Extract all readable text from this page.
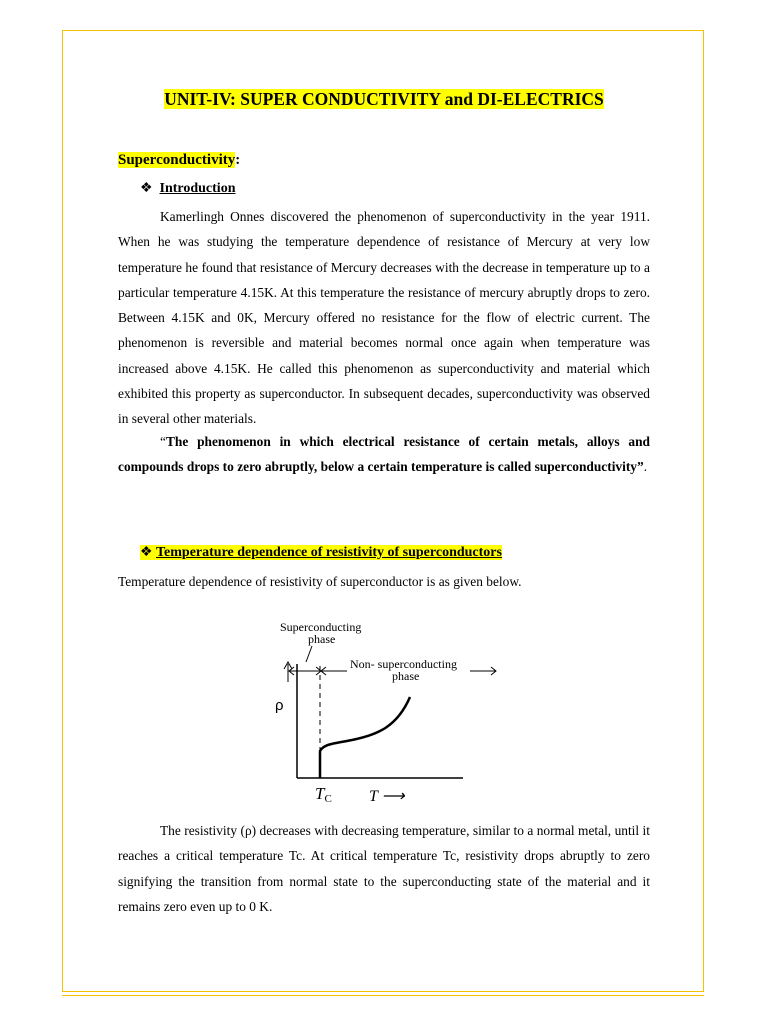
UNIT-IV: SUPER CONDUCTIVITY and DI-ELECTRICS
Superconductivity:
❖ Introduction
Kamerlingh Onnes discovered the phenomenon of superconductivity in the year 1911. When he was studying the temperature dependence of resistance of Mercury at very low temperature he found that resistance of Mercury decreases with the decrease in temperature up to a particular temperature 4.15K. At this temperature the resistance of mercury abruptly drops to zero. Between 4.15K and 0K, Mercury offered no resistance for the flow of electric current. The phenomenon is reversible and material becomes normal once again when temperature was increased above 4.15K. He called this phenomenon as superconductivity and material which exhibited this property as superconductor. In subsequent decades, superconductivity was observed in several other materials.
“The phenomenon in which electrical resistance of certain metals, alloys and compounds drops to zero abruptly, below a certain temperature is called superconductivity”.
❖ Temperature dependence of resistivity of superconductors
Temperature dependence of resistivity of superconductor is as given below.
Superconducting
phase
Non- superconducting
phase
ρ
TC T ⟶
The resistivity (ρ) decreases with decreasing temperature, similar to a normal metal, until it reaches a critical temperature Tc. At critical temperature Tc, resistivity drops abruptly to zero signifying the transition from normal state to the superconducting state of the material and it remains zero even up to 0 K.
